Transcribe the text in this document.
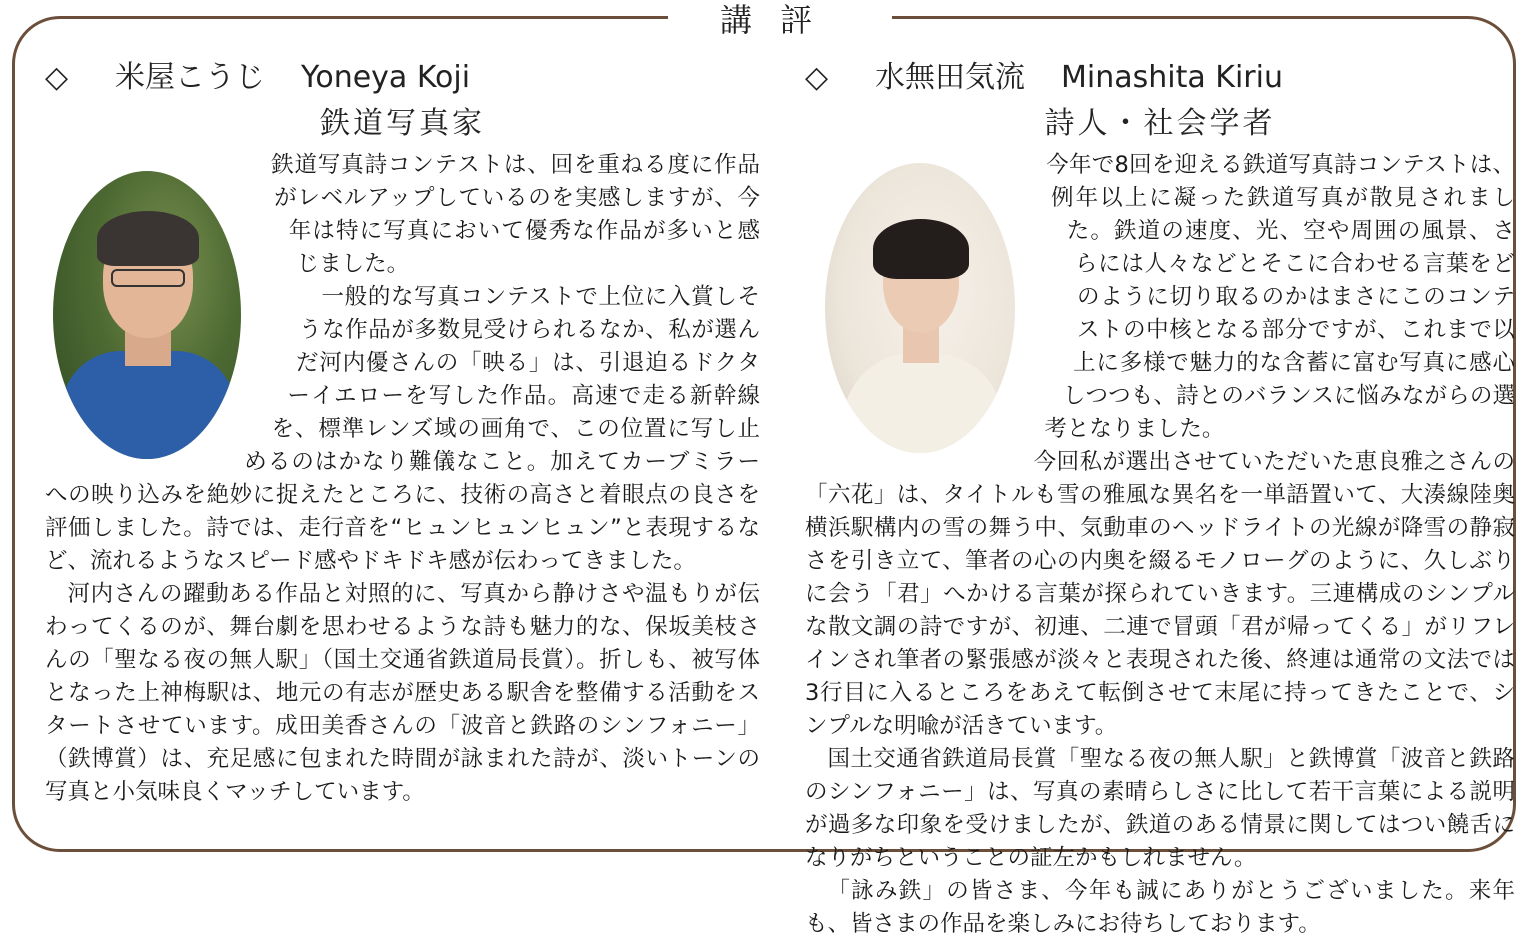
講評
◇ 米屋こうじ Yoneya Koji
鉄道写真家

鉄道写真詩コンテストは、回を重ねる度に作品がレベルアップしているのを実感しますが、今年は特に写真において優秀な作品が多いと感じました。

一般的な写真コンテストで上位に入賞しそうな作品が多数見受けられるなか、私が選んだ河内優さんの「映る」は、引退迫るドクターイエローを写した作品。高速で走る新幹線を、標準レンズ域の画角で、この位置に写し止めるのはかなり難儀なこと。加えてカーブミラーへの映り込みを絶妙に捉えたところに、技術の高さと着眼点の良さを評価しました。詩では、走行音を“ヒュンヒュンヒュン”と表現するなど、流れるようなスピード感やドキドキ感が伝わってきました。

河内さんの躍動ある作品と対照的に、写真から静けさや温もりが伝わってくるのが、舞台劇を思わせるような詩も魅力的な、保坂美枝さんの「聖なる夜の無人駅」（国土交通省鉄道局長賞）。折しも、被写体となった上神梅駅は、地元の有志が歴史ある駅舎を整備する活動をスタートさせています。成田美香さんの「波音と鉄路のシンフォニー」（鉄博賞）は、充足感に包まれた時間が詠まれた詩が、淡いトーンの写真と小気味良くマッチしています。

◇ 水無田気流 Minashita Kiriu
詩人・社会学者

今年で8回を迎える鉄道写真詩コンテストは、例年以上に凝った鉄道写真が散見されました。鉄道の速度、光、空や周囲の風景、さらには人々などとそこに合わせる言葉をどのように切り取るのかはまさにこのコンテストの中核となる部分ですが、これまで以上に多様で魅力的な含蓄に富む写真に感心しつつも、詩とのバランスに悩みながらの選考となりました。

今回私が選出させていただいた恵良雅之さんの「六花」は、タイトルも雪の雅風な異名を一単語置いて、大湊線陸奥横浜駅構内の雪の舞う中、気動車のヘッドライトの光線が降雪の静寂さを引き立て、筆者の心の内奥を綴るモノローグのように、久しぶりに会う「君」へかける言葉が探られていきます。三連構成のシンプルな散文調の詩ですが、初連、二連で冒頭「君が帰ってくる」がリフレインされ筆者の緊張感が淡々と表現された後、終連は通常の文法では3行目に入るところをあえて転倒させて末尾に持ってきたことで、シンプルな明喩が活きています。

国土交通省鉄道局長賞「聖なる夜の無人駅」と鉄博賞「波音と鉄路のシンフォニー」は、写真の素晴らしさに比して若干言葉による説明が過多な印象を受けましたが、鉄道のある情景に関してはつい饒舌になりがちということの証左かもしれません。

「詠み鉄」の皆さま、今年も誠にありがとうございました。来年も、皆さまの作品を楽しみにお待ちしております。
